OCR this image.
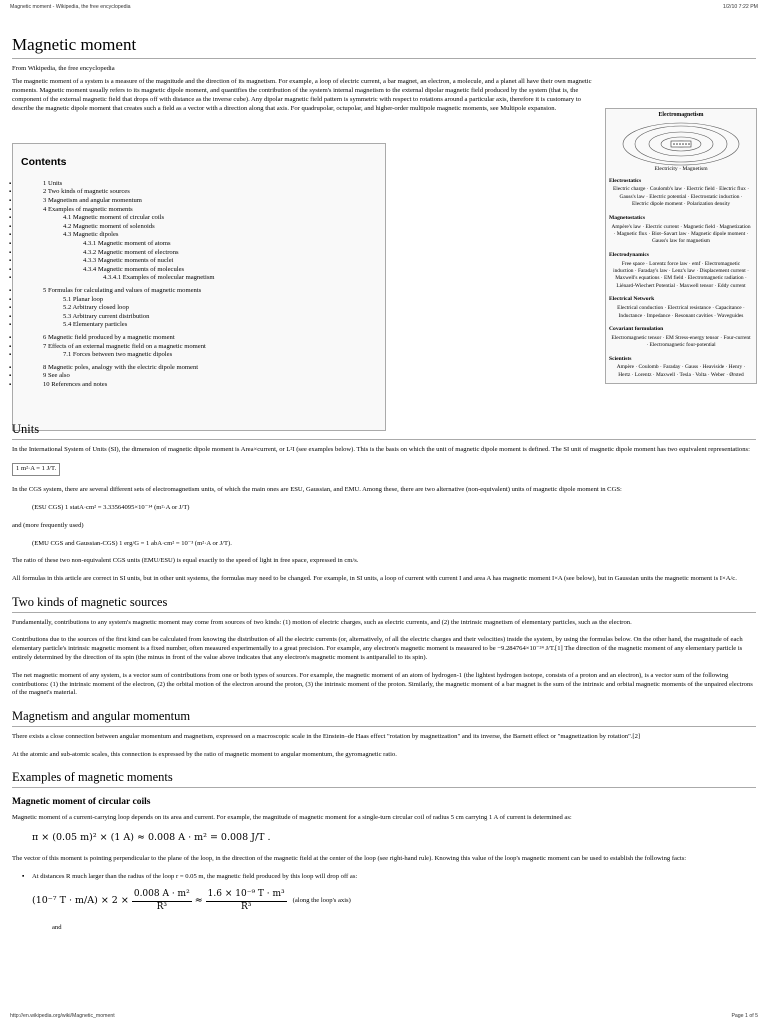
Magnetic moment - Wikipedia, the free encyclopedia	1/2/10 7:22 PM
Magnetic moment
From Wikipedia, the free encyclopedia
The magnetic moment of a system is a measure of the magnitude and the direction of its magnetism. For example, a loop of electric current, a bar magnet, an electron, a molecule, and a planet all have their own magnetic moments. Magnetic moment usually refers to its magnetic dipole moment, and quantifies the contribution of the system's internal magnetism to the external dipolar magnetic field produced by the system (that is, the component of the external magnetic field that drops off with distance as the inverse cube). Any dipolar magnetic field pattern is symmetric with respect to rotations around a particular axis, therefore it is customary to describe the magnetic dipole moment that creates such a field as a vector with a direction along that axis. For quadrupolar, octupolar, and higher-order multipole magnetic moments, see Multipole expansion.
Contents
▪ 1 Units
▪ 2 Two kinds of magnetic sources
▪ 3 Magnetism and angular momentum
▪ 4 Examples of magnetic moments
▪ 4.1 Magnetic moment of circular coils
▪ 4.2 Magnetic moment of solenoids
▪ 4.3 Magnetic dipoles
▪ 4.3.1 Magnetic moment of atoms
▪ 4.3.2 Magnetic moment of electrons
▪ 4.3.3 Magnetic moments of nuclei
▪ 4.3.4 Magnetic moments of molecules
▪ 4.3.4.1 Examples of molecular magnetism
▪ 5 Formulas for calculating and values of magnetic moments
▪ 5.1 Planar loop
▪ 5.2 Arbitrary closed loop
▪ 5.3 Arbitrary current distribution
▪ 5.4 Elementary particles
▪ 6 Magnetic field produced by a magnetic moment
▪ 7 Effects of an external magnetic field on a magnetic moment
▪ 7.1 Forces between two magnetic dipoles
▪ 8 Magnetic poles, analogy with the electric dipole moment
▪ 9 See also
▪ 10 References and notes
Electromagnetism
Electricity · Magnetism
Electrostatics
Electric charge · Coulomb's law · Electric field · Electric flux · Gauss's law · Electric potential · Electrostatic induction · Electric dipole moment · Polarization density
Magnetostatics
Ampère's law · Electric current · Magnetic field · Magnetization · Magnetic flux · Biot–Savart law · Magnetic dipole moment · Gauss's law for magnetism
Electrodynamics
Free space · Lorentz force law · emf · Electromagnetic induction · Faraday's law · Lenz's law · Displacement current · Maxwell's equations · EM field · Electromagnetic radiation · Liénard-Wiechert Potential · Maxwell tensor · Eddy current
Electrical Network
Electrical conduction · Electrical resistance · Capacitance · Inductance · Impedance · Resonant cavities · Waveguides
Covariant formulation
Electromagnetic tensor · EM Stress-energy tensor · Four-current · Electromagnetic four-potential
Scientists
Ampère · Coulomb · Faraday · Gauss · Heaviside · Henry · Hertz · Lorentz · Maxwell · Tesla · Volta · Weber · Ørsted
Units

In the International System of Units (SI), the dimension of magnetic dipole moment is Area×current, or L²I (see examples below). This is the basis on which the unit of magnetic dipole moment is defined. The SI unit of magnetic dipole moment has two equivalent representations:

1 m²·A = 1 J/T.

In the CGS system, there are several different sets of electromagnetism units, of which the main ones are ESU, Gaussian, and EMU. Among these, there are two alternative (non-equivalent) units of magnetic dipole moment in CGS:

(ESU CGS) 1 statA·cm² = 3.33564095×10⁻¹⁴ (m²·A or J/T)

and (more frequently used)

(EMU CGS and Gaussian-CGS) 1 erg/G = 1 abA·cm² = 10⁻³ (m²·A or J/T).

The ratio of these two non-equivalent CGS units (EMU/ESU) is equal exactly to the speed of light in free space, expressed in cm/s.

All formulas in this article are correct in SI units, but in other unit systems, the formulas may need to be changed. For example, in SI units, a loop of current with current I and area A has magnetic moment I×A (see below), but in Gaussian units the magnetic moment is I×A/c.

Two kinds of magnetic sources

Fundamentally, contributions to any system's magnetic moment may come from sources of two kinds: (1) motion of electric charges, such as electric currents, and (2) the intrinsic magnetism of elementary particles, such as the electron.

Contributions due to the sources of the first kind can be calculated from knowing the distribution of all the electric currents (or, alternatively, of all the electric charges and their velocities) inside the system, by using the formulas below. On the other hand, the magnitude of each elementary particle's intrinsic magnetic moment is a fixed number, often measured experimentally to a great precision. For example, any electron's magnetic moment is measured to be −9.284764×10⁻²⁴ J/T.[1] The direction of the magnetic moment of any elementary particle is entirely determined by the direction of its spin (the minus in front of the value above indicates that any electron's magnetic moment is antiparallel to its spin).

The net magnetic moment of any system, is a vector sum of contributions from one or both types of sources. For example, the magnetic moment of an atom of hydrogen-1 (the lightest hydrogen isotope, consists of a proton and an electron), is a vector sum of the following contributions: (1) the intrinsic moment of the electron, (2) the orbital motion of the electron around the proton, (3) the intrinsic moment of the proton. Similarly, the magnetic moment of a bar magnet is the sum of the intrinsic and orbital magnetic moments of the unpaired electrons of the magnet's material.

Magnetism and angular momentum

There exists a close connection between angular momentum and magnetism, expressed on a macroscopic scale in the Einstein–de Haas effect "rotation by magnetization" and its inverse, the Barnett effect or "magnetization by rotation".[2]

At the atomic and sub-atomic scales, this connection is expressed by the ratio of magnetic moment to angular momentum, the gyromagnetic ratio.

Examples of magnetic moments
Magnetic moment of circular coils

Magnetic moment of a current-carrying loop depends on its area and current. For example, the magnitude of magnetic moment for a single-turn circular coil of radius 5 cm carrying 1 A of current is determined as:

π × (0.05 m)² × (1 A) ≈ 0.008 A · m² = 0.008 J/T .

The vector of this moment is pointing perpendicular to the plane of the loop, in the direction of the magnetic field at the center of the loop (see right-hand rule). Knowing this value of the loop's magnetic moment can be used to establish the following facts:

▪ At distances R much larger than the radius of the loop r = 0.05 m, the magnetic field produced by this loop will drop off as:
(10⁻⁷ $T \cdot m/A) \times 2 \times \frac{\text{0.008 A · m²}}{\text{R³}} \approx \frac{\text{1.6 × 10⁻⁹ T · m³}}{\text{R³}}$ (along the loop's axis)

and

http://en.wikipedia.org/wiki/Magnetic_moment	Page 1 of 5
